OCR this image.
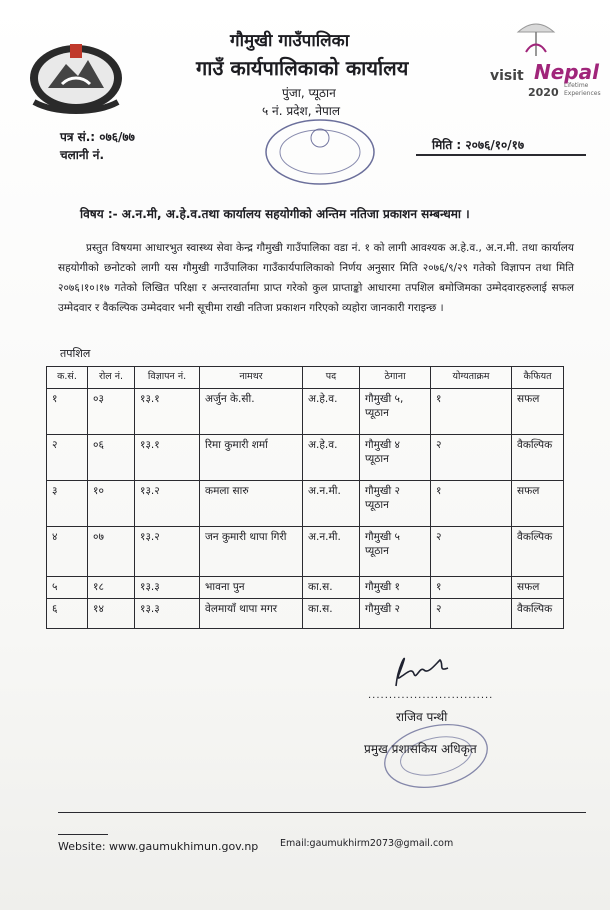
गौमुखी गाउँपालिका
गाउँ कार्यपालिकाको कार्यालय
पुंजा, प्यूठान
५ नं. प्रदेश, नेपाल
visit Nepal
2020
Lifetime
Experiences
पत्र सं.: ०७६/७७
चलानी नं.
मिति : २०७६/१०/१७
विषय :- अ.न.मी, अ.हे.व.तथा कार्यालय सहयोगीको अन्तिम नतिजा प्रकाशन सम्बन्धमा ।
प्रस्तुत विषयमा आधारभुत स्वास्थ्य सेवा केन्द्र गौमुखी गाउँपालिका वडा नं. १ को लागी आवश्यक अ.हे.व., अ.न.मी. तथा कार्यालय सहयोगीको छनोटको लागी यस गौमुखी गाउँपालिका गाउँकार्यपालिकाको निर्णय अनुसार मिति २०७६/९/२९ गतेको विज्ञापन तथा मिति २०७६।१०।१७ गतेको लिखित परिक्षा र अन्तरवार्तामा प्राप्त गरेको कुल प्राप्ताङ्को आधारमा तपशिल बमोजिमका उम्मेदवारहरुलाई सफल उम्मेदवार र वैकल्पिक उम्मेदवार भनी सूचीमा राखी नतिजा प्रकाशन गरिएको व्यहोरा जानकारी गराइन्छ ।
तपशिल
क.सं.	रोल नं.	विज्ञापन नं.	नामथर	पद	ठेगाना	योग्यताक्रम	कैफियत
१	०३	१३.१	अर्जुन के.सी.	अ.हे.व.	गौमुखी ५, प्यूठान	१	सफल
२	०६	१३.१	रिमा कुमारी शर्मा	अ.हे.व.	गौमुखी ४ प्यूठान	२	वैकल्पिक
३	१०	१३.२	कमला सारु	अ.न.मी.	गौमुखी २ प्यूठान	१	सफल
४	०७	१३.२	जन कुमारी थापा गिरी	अ.न.मी.	गौमुखी ५ प्यूठान	२	वैकल्पिक
५	१८	१३.३	भावना पुन	का.स.	गौमुखी १	१	सफल
६	१४	१३.३	वेलमायाँ थापा मगर	का.स.	गौमुखी २	२	वैकल्पिक
..............................
राजिव पन्थी
प्रमुख प्रशासकिय अधिकृत
Website: www.gaumukhimun.gov.np Email:gaumukhirm2073@gmail.com
